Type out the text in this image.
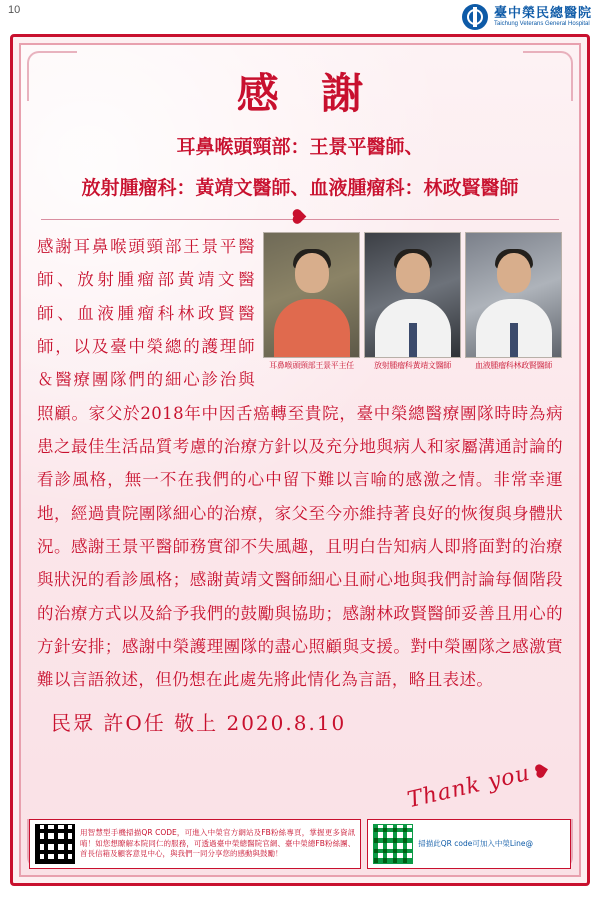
10	臺中榮民總醫院
Taichung Veterans General Hospital
感 謝
耳鼻喉頭頸部：王景平醫師、
放射腫瘤科：黃靖文醫師、血液腫瘤科：林政賢醫師
耳鼻喉頭頸部王景平主任	放射腫瘤科黃靖文醫師	血液腫瘤科林政賢醫師
感謝耳鼻喉頭頸部王景平醫師、放射腫瘤部黃靖文醫師、血液腫瘤科林政賢醫師，以及臺中榮總的護理師＆醫療團隊們的細心診治與照顧。家父於2018年中因舌癌轉至貴院，臺中榮總醫療團隊時時為病患之最佳生活品質考慮的治療方針以及充分地與病人和家屬溝通討論的看診風格，無一不在我們的心中留下難以言喻的感激之情。非常幸運地，經過貴院團隊細心的治療，家父至今亦維持著良好的恢復與身體狀況。感謝王景平醫師務實卻不失風趣，且明白告知病人即將面對的治療與狀況的看診風格；感謝黃靖文醫師細心且耐心地與我們討論每個階段的治療方式以及給予我們的鼓勵與協助；感謝林政賢醫師妥善且用心的方針安排；感謝中榮護理團隊的盡心照顧與支援。對中榮團隊之感激實難以言語敘述，但仍想在此處先將此情化為言語，略且表述。
民眾 許O任 敬上 2020.8.10
Thank you
用智慧型手機掃描QR CODE，可進入中榮官方網站及FB粉絲專頁，掌握更多資訊唷！如您想瞭解本院同仁的服務，可透過臺中榮總醫院官網、臺中榮總FB粉絲團、首長信箱及顧客意見中心，與我們一同分享您的感動與鼓勵！
掃描此QR code可加入中榮Line@
